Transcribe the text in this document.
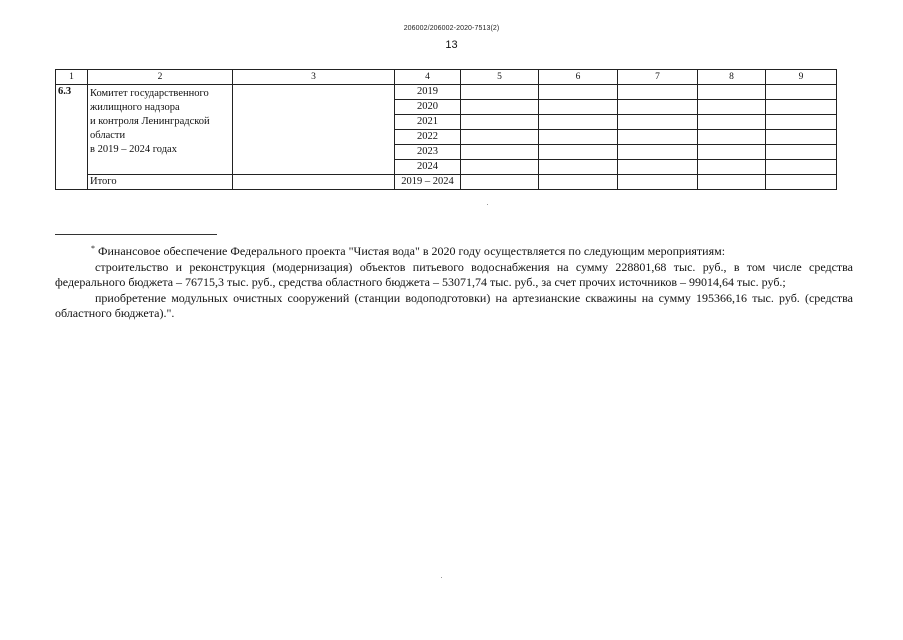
206002/206002-2020-7513(2)
13
1	2	3	4	5	6	7	8	9
6.3	Комитет государственного
жилищного надзора
и контроля Ленинградской
области
в 2019 – 2024 годах		2019					
			2020					
			2021					
			2022					
			2023					
			2024					
	Итого		2019 – 2024					

* Финансовое обеспечение Федерального проекта "Чистая вода" в 2020 году осуществляется по следующим мероприятиям:

строительство и реконструкция (модернизация) объектов питьевого водоснабжения на сумму 228801,68 тыс. руб., в том числе средства федерального бюджета – 76715,3 тыс. руб., средства областного бюджета – 53071,74 тыс. руб., за счет прочих источников – 99014,64 тыс. руб.;

приобретение модульных очистных сооружений (станции водоподготовки) на артезианские скважины на сумму 195366,16 тыс. руб. (средства областного бюджета).".
